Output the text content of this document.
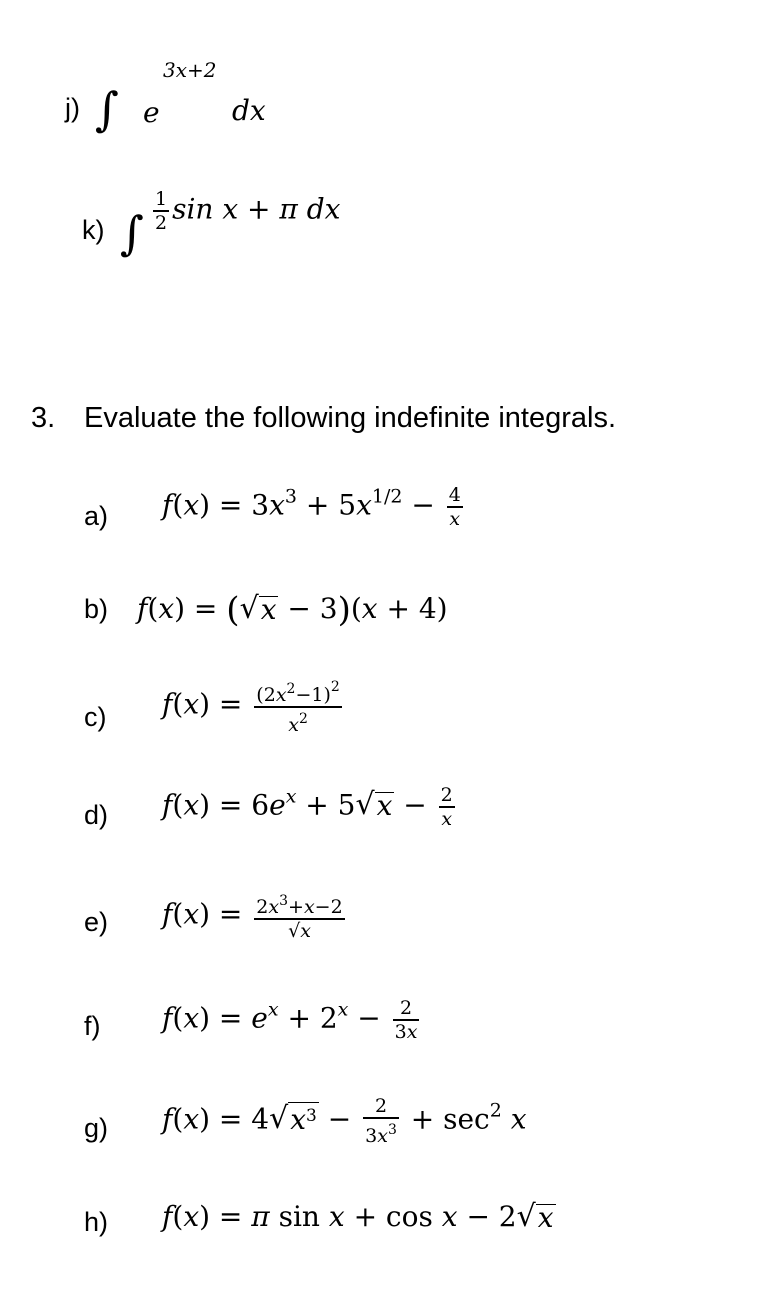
j) ∫ e
3x+2
dx
k) ∫ $\frac{1}{2}$ sin x + π dx
3. Evaluate the following indefinite integrals.
a) $f(x) = 3x^3 + 5x^{1/2} - \frac{4}{x}$
b) f(x) = ( √ x − 3)(x + 4)
c) $f(x) = \frac{(2x^2-1)^2}{x^2}$
d) $f(x) = 6e^x + 5$ √ $x - \frac{2}{x}$
e) $f(x) = \frac{2x^3+x-2}{√x}$
f) $f(x) = e^x + 2^x - \frac{2}{3x}$
g) f(x) = 4 √ $x^3 - \frac{2}{3x^3} + \sec^2 x$
h) f(x) = π sin x + cos x − 2 √ x
